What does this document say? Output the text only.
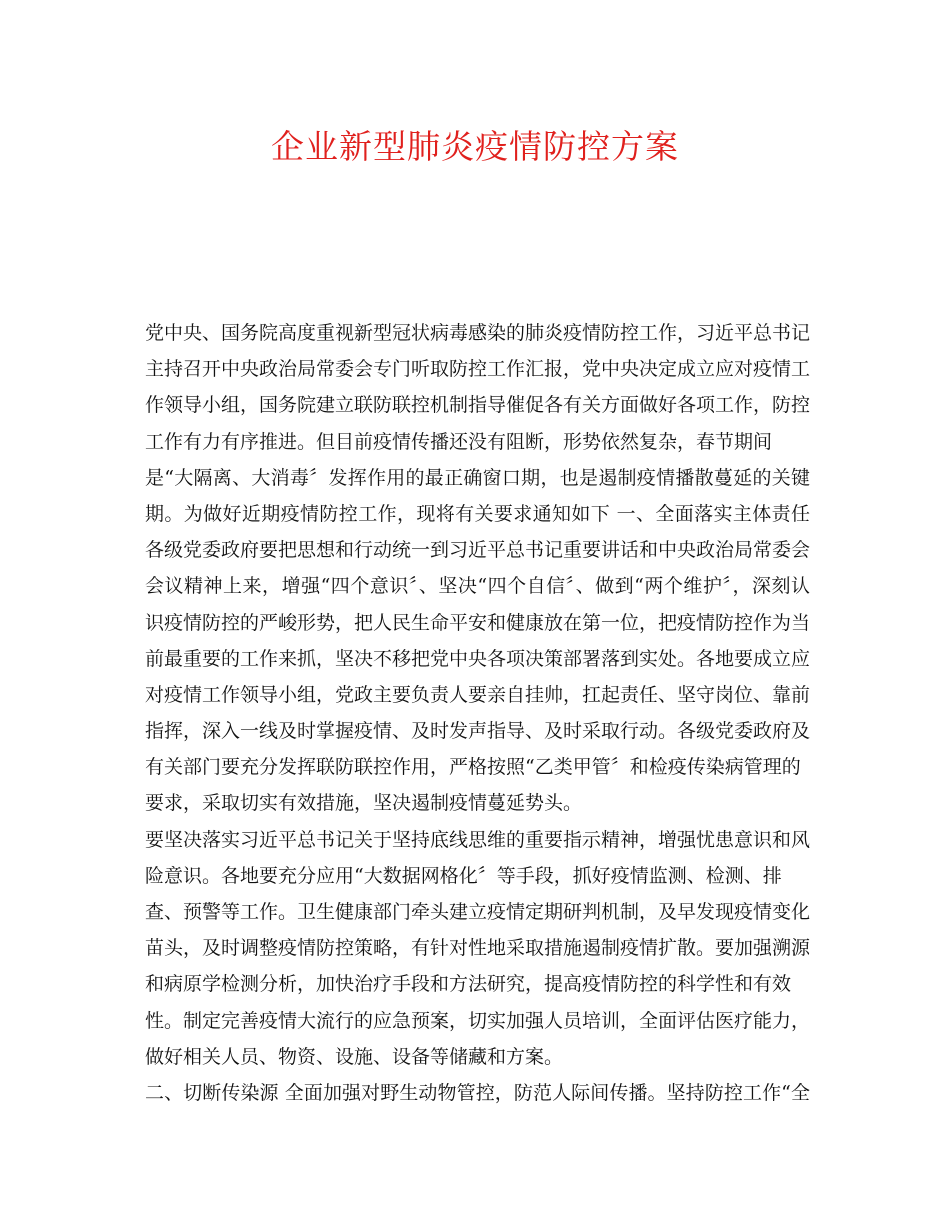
企业新型肺炎疫情防控方案
党中央、国务院高度重视新型冠状病毒感染的肺炎疫情防控工作，习近平总书记
主持召开中央政治局常委会专门听取防控工作汇报，党中央决定成立应对疫情工
作领导小组，国务院建立联防联控机制指导催促各有关方面做好各项工作，防控
工作有力有序推进。但目前疫情传播还没有阻断，形势依然复杂，春节期间
是“大隔离、大消毒〞发挥作用的最正确窗口期，也是遏制疫情播散蔓延的关键
期。为做好近期疫情防控工作，现将有关要求通知如下 一、全面落实主体责任
各级党委政府要把思想和行动统一到习近平总书记重要讲话和中央政治局常委会
会议精神上来，增强“四个意识〞、坚决“四个自信〞、做到“两个维护〞，深刻认
识疫情防控的严峻形势，把人民生命平安和健康放在第一位，把疫情防控作为当
前最重要的工作来抓，坚决不移把党中央各项决策部署落到实处。各地要成立应
对疫情工作领导小组，党政主要负责人要亲自挂帅，扛起责任、坚守岗位、靠前
指挥，深入一线及时掌握疫情、及时发声指导、及时采取行动。各级党委政府及
有关部门要充分发挥联防联控作用，严格按照“乙类甲管〞和检疫传染病管理的
要求，采取切实有效措施，坚决遏制疫情蔓延势头。
要坚决落实习近平总书记关于坚持底线思维的重要指示精神，增强忧患意识和风
险意识。各地要充分应用“大数据网格化〞等手段，抓好疫情监测、检测、排
查、预警等工作。卫生健康部门牵头建立疫情定期研判机制，及早发现疫情变化
苗头，及时调整疫情防控策略，有针对性地采取措施遏制疫情扩散。要加强溯源
和病原学检测分析，加快治疗手段和方法研究，提高疫情防控的科学性和有效
性。制定完善疫情大流行的应急预案，切实加强人员培训，全面评估医疗能力，
做好相关人员、物资、设施、设备等储藏和方案。
二、切断传染源 全面加强对野生动物管控，防范人际间传播。坚持防控工作“全
